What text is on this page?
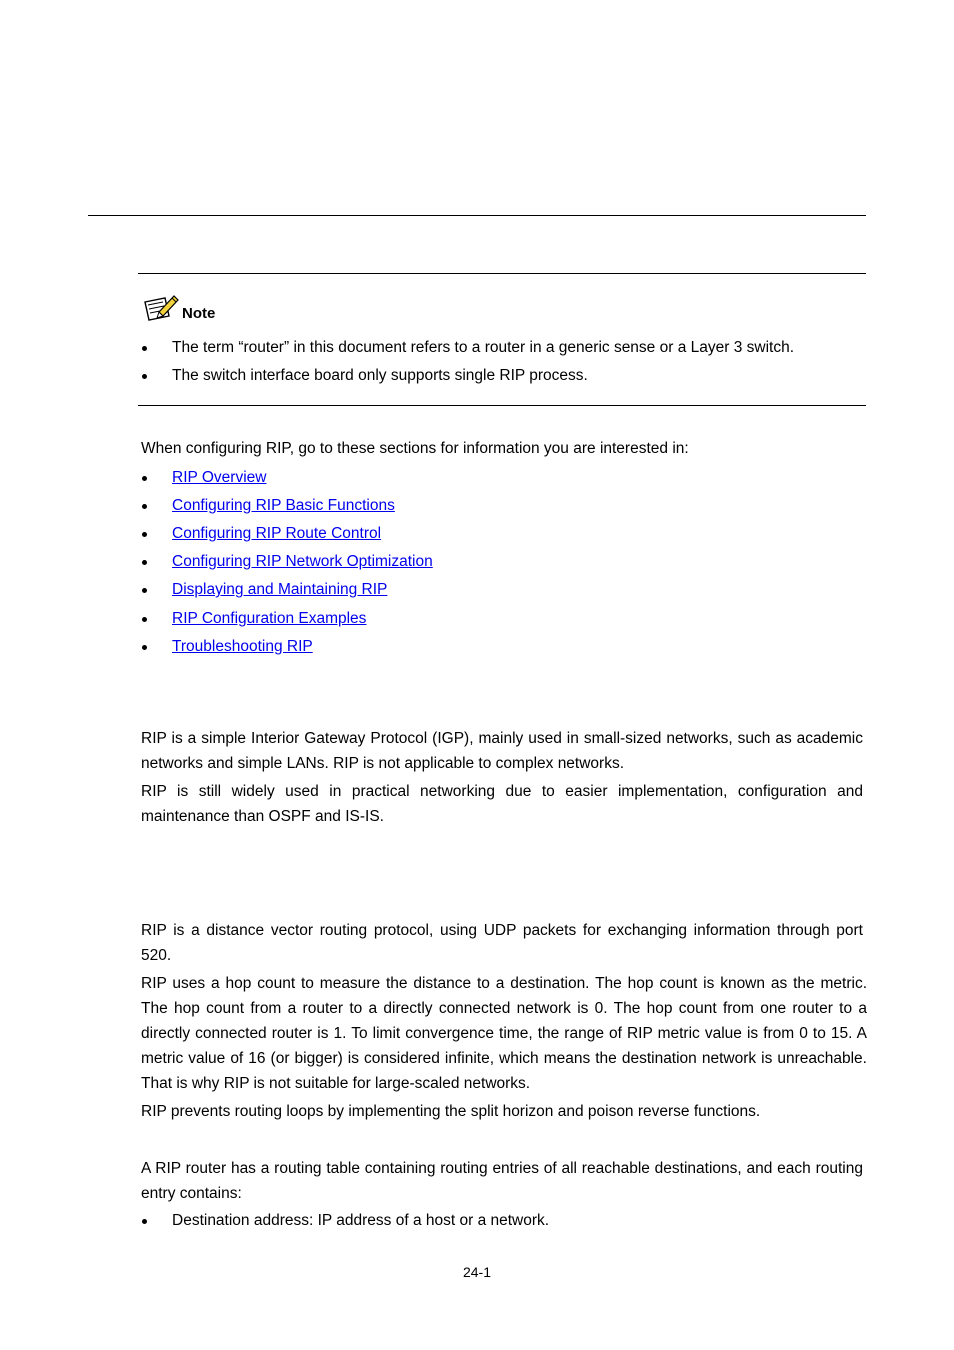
Note
The term “router” in this document refers to a router in a generic sense or a Layer 3 switch.
The switch interface board only supports single RIP process.
When configuring RIP, go to these sections for information you are interested in:
RIP Overview
Configuring RIP Basic Functions
Configuring RIP Route Control
Configuring RIP Network Optimization
Displaying and Maintaining RIP
RIP Configuration Examples
Troubleshooting RIP

RIP is a simple Interior Gateway Protocol (IGP), mainly used in small-sized networks, such as academic networks and simple LANs. RIP is not applicable to complex networks.

RIP is still widely used in practical networking due to easier implementation, configuration and maintenance than OSPF and IS-IS.

RIP is a distance vector routing protocol, using UDP packets for exchanging information through port 520.

RIP uses a hop count to measure the distance to a destination. The hop count is known as the metric. The hop count from a router to a directly connected network is 0. The hop count from one router to a directly connected router is 1. To limit convergence time, the range of RIP metric value is from 0 to 15. A metric value of 16 (or bigger) is considered infinite, which means the destination network is unreachable. That is why RIP is not suitable for large-scaled networks.

RIP prevents routing loops by implementing the split horizon and poison reverse functions.

A RIP router has a routing table containing routing entries of all reachable destinations, and each routing entry contains:

Destination address: IP address of a host or a network.
24-1
